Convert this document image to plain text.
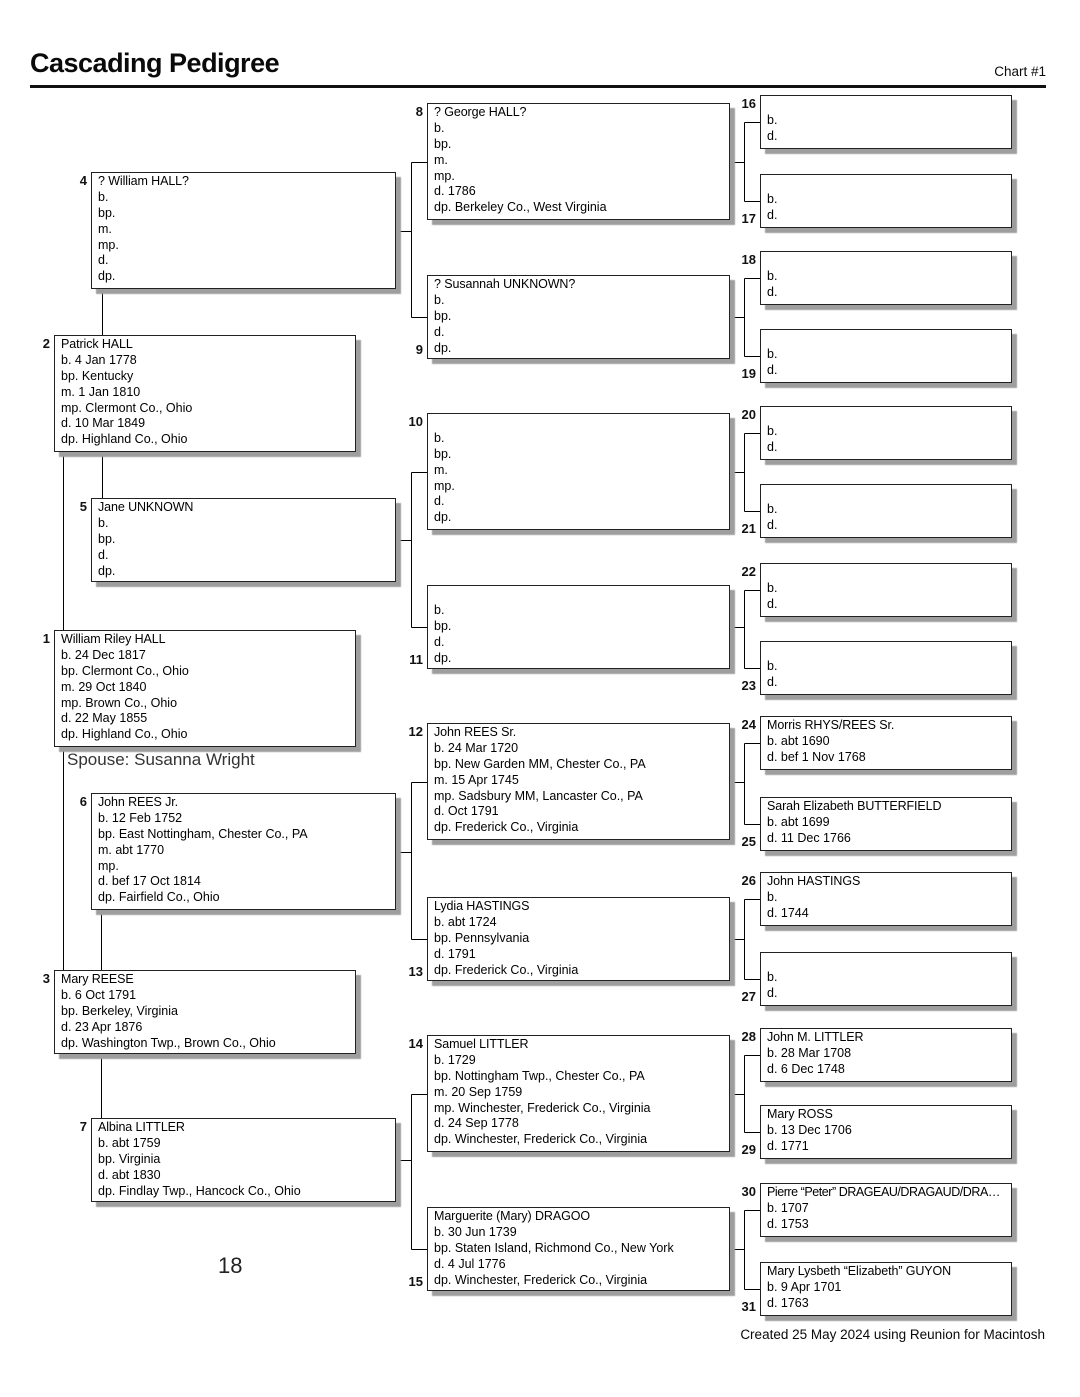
Cascading Pedigree	Chart #1
William Riley HALL
b. 24 Dec 1817
bp. Clermont Co., Ohio
m. 29 Oct 1840
mp. Brown Co., Ohio
d. 22 May 1855
dp. Highland Co., Ohio
1
Patrick HALL
b. 4 Jan 1778
bp. Kentucky
m. 1 Jan 1810
mp. Clermont Co., Ohio
d. 10 Mar 1849
dp. Highland Co., Ohio
2
Mary REESE
b. 6 Oct 1791
bp. Berkeley, Virginia
d. 23 Apr 1876
dp. Washington Twp., Brown Co., Ohio
3
? William HALL?
b.
bp.
m.
mp.
d.
dp.
4
Jane UNKNOWN
b.
bp.
d.
dp.
5
John REES Jr.
b. 12 Feb 1752
bp. East Nottingham, Chester Co., PA
m. abt 1770
mp.
d. bef 17 Oct 1814
dp. Fairfield Co., Ohio
6
Albina LITTLER
b. abt 1759
bp. Virginia
d. abt 1830
dp. Findlay Twp., Hancock Co., Ohio
7
? George HALL?
b.
bp.
m.
mp.
d. 1786
dp. Berkeley Co., West Virginia
8
? Susannah UNKNOWN?
b.
bp.
d.
dp.
9
b.
bp.
m.
mp.
d.
dp.
10
b.
bp.
d.
dp.
11
John REES Sr.
b. 24 Mar 1720
bp. New Garden MM, Chester Co., PA
m. 15 Apr 1745
mp. Sadsbury MM, Lancaster Co., PA
d. Oct 1791
dp. Frederick Co., Virginia
12
Lydia HASTINGS
b. abt 1724
bp. Pennsylvania
d. 1791
dp. Frederick Co., Virginia
13
Samuel LITTLER
b. 1729
bp. Nottingham Twp., Chester Co., PA
m. 20 Sep 1759
mp. Winchester, Frederick Co., Virginia
d. 24 Sep 1778
dp. Winchester, Frederick Co., Virginia
14
Marguerite (Mary) DRAGOO
b. 30 Jun 1739
bp. Staten Island, Richmond Co., New York
d. 4 Jul 1776
dp. Winchester, Frederick Co., Virginia
15
b.
d.
16
b.
d.
17
b.
d.
18
b.
d.
19
b.
d.
20
b.
d.
21
b.
d.
22
b.
d.
23
Morris RHYS/REES Sr.
b. abt 1690
d. bef 1 Nov 1768
24
Sarah Elizabeth BUTTERFIELD
b. abt 1699
d. 11 Dec 1766
25
John HASTINGS
b.
d. 1744
26
b.
d.
27
John M. LITTLER
b. 28 Mar 1708
d. 6 Dec 1748
28
Mary ROSS
b. 13 Dec 1706
d. 1771
29
Pierre “Peter” DRAGEAU/DRAGAUD/DRA…
b. 1707
d. 1753
30
Mary Lysbeth “Elizabeth” GUYON
b. 9 Apr 1701
d. 1763
31
Spouse: Susanna Wright
18
Created 25 May 2024 using Reunion for Macintosh
